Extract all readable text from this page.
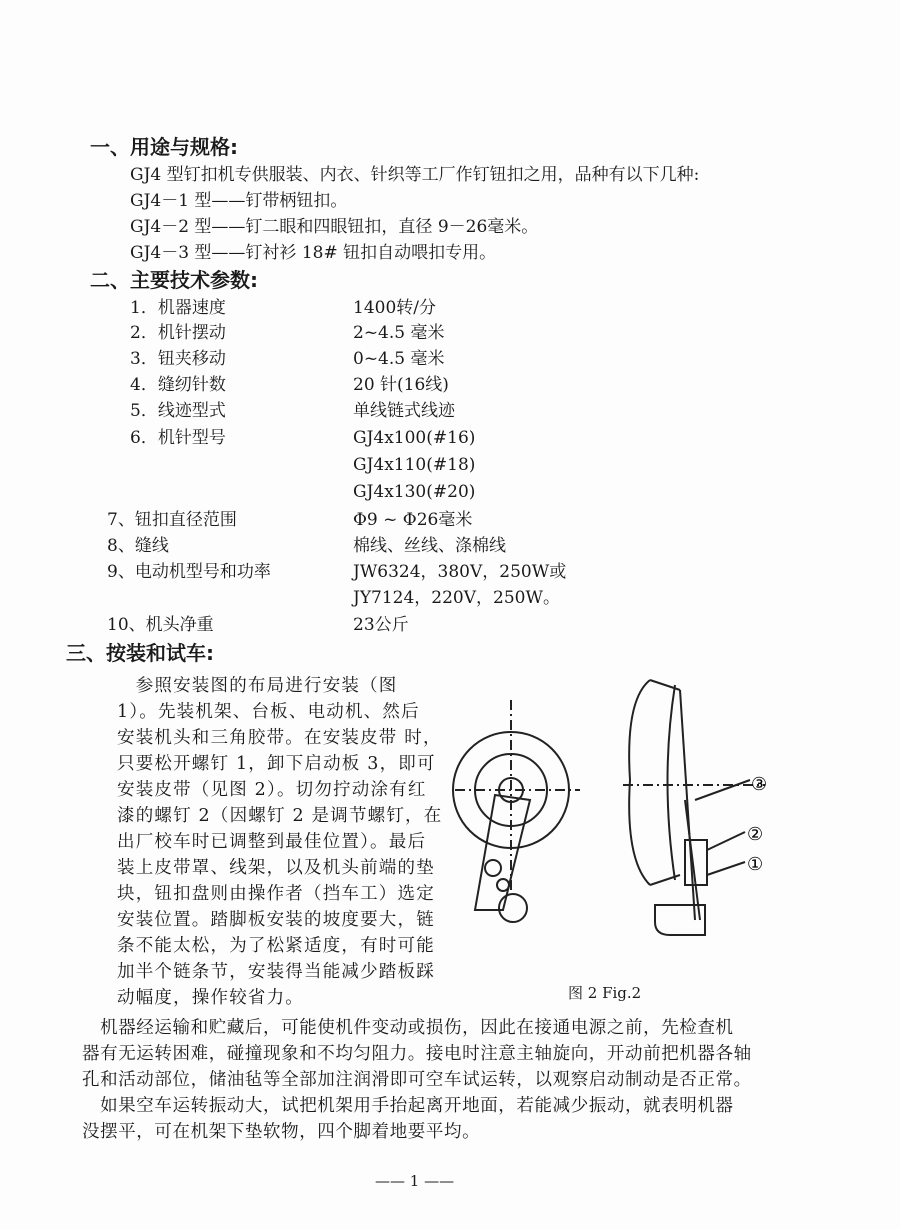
一、用途与规格:
GJ4 型钉扣机专供服装、内衣、针织等工厂作钉钮扣之用，品种有以下几种:
GJ4－1 型——钉带柄钮扣。
GJ4－2 型——钉二眼和四眼钮扣，直径 9－26毫米。
GJ4－3 型——钉衬衫 18# 钮扣自动喂扣专用。
二、主要技术参数:
1．机器速度	1400转/分
2．机针摆动	2~4.5 毫米
3．钮夹移动	0~4.5 毫米
4．缝纫针数	20 针(16线)
5．线迹型式	单线链式线迹
6．机针型号	GJ4x100(#16)
GJ4x110(#18)
GJ4x130(#20)
7、钮扣直径范围	Φ9 ~ Φ26毫米
8、缝线	棉线、丝线、涤棉线
9、电动机型号和功率	JW6324，380V，250W或
JY7124，220V，250W。
10、机头净重	23公斤
三、按装和试车:
　参照安装图的布局进行安装（图
1）。先装机架、台板、电动机、然后
安装机头和三角胶带。在安装皮带 时，
只要松开螺钉 1，卸下启动板 3，即可
安装皮带（见图 2）。切勿拧动涂有红
漆的螺钉 2（因螺钉 2 是调节螺钉，在
出厂校车时已调整到最佳位置）。最后
装上皮带罩、线架，以及机头前端的垫
块，钮扣盘则由操作者（挡车工）选定
安装位置。踏脚板安装的坡度要大，链
条不能太松，为了松紧适度，有时可能
加半个链条节，安装得当能减少踏板踩
动幅度，操作较省力。
　机器经运输和贮藏后，可能使机件变动或损伤，因此在接通电源之前，先检查机
器有无运转困难，碰撞现象和不均匀阻力。接电时注意主轴旋向，开动前把机器各轴
孔和活动部位，储油毡等全部加注润滑即可空车试运转，以观察启动制动是否正常。
　如果空车运转振动大，试把机架用手抬起离开地面，若能减少振动，就表明机器
没摆平，可在机架下垫软物，四个脚着地要平均。
③
②
①
图 2 Fig.2
—— 1 ——
